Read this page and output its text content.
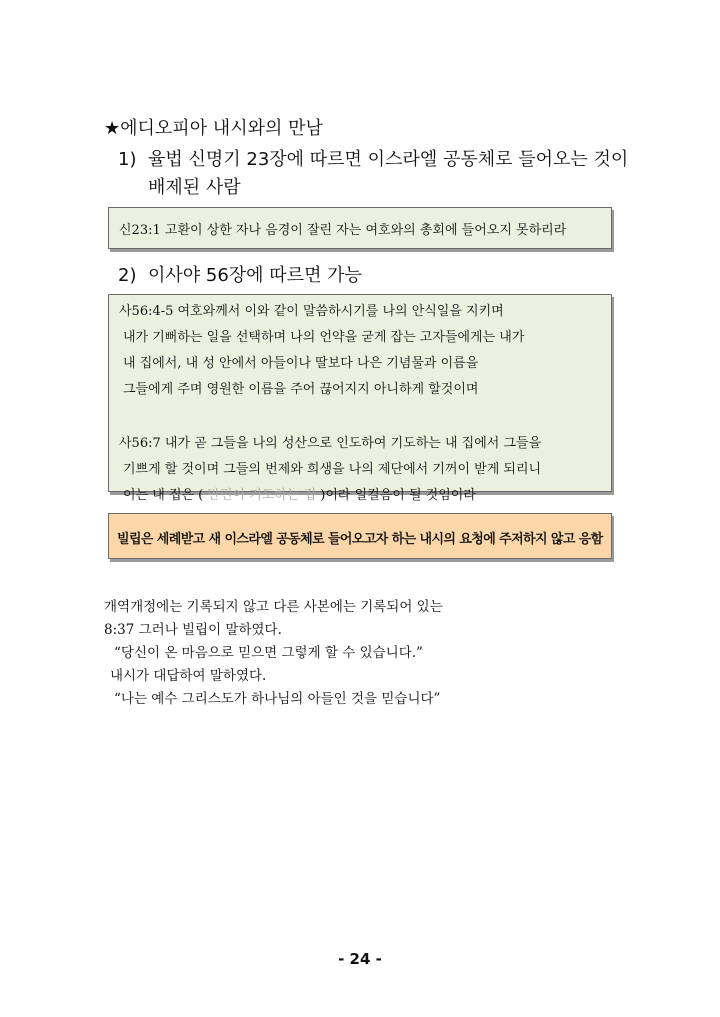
★에디오피아 내시와의 만남
1) 율법 신명기 23장에 따르면 이스라엘 공동체로 들어오는 것이
배제된 사람
신23:1 고환이 상한 자나 음경이 잘린 자는 여호와의 총회에 들어오지 못하리라
2) 이사야 56장에 따르면 가능
사56:4-5 여호와께서 이와 같이 말씀하시기를 나의 안식일을 지키며
내가 기뻐하는 일을 선택하며 나의 언약을 굳게 잡는 고자들에게는 내가
내 집에서, 내 성 안에서 아들이나 딸보다 나은 기념물과 이름을
그들에게 주며 영원한 이름을 주어 끊어지지 아니하게 할것이며
사56:7 내가 곧 그들을 나의 성산으로 인도하여 기도하는 내 집에서 그들을
기쁘게 할 것이며 그들의 번제와 희생을 나의 제단에서 기꺼이 받게 되리니
이는 내 집은 ( 만민이 기도하는 집 )이라 일컬음이 될 것임이라
빌립은 세례받고 새 이스라엘 공동체로 들어오고자 하는 내시의 요청에 주저하지 않고 응함
개역개정에는 기록되지 않고 다른 사본에는 기록되어 있는
8:37 그러나 빌립이 말하였다.
“당신이 온 마음으로 믿으면 그렇게 할 수 있습니다.”
내시가 대답하여 말하였다.
“나는 예수 그리스도가 하나님의 아들인 것을 믿습니다”
- 24 -
